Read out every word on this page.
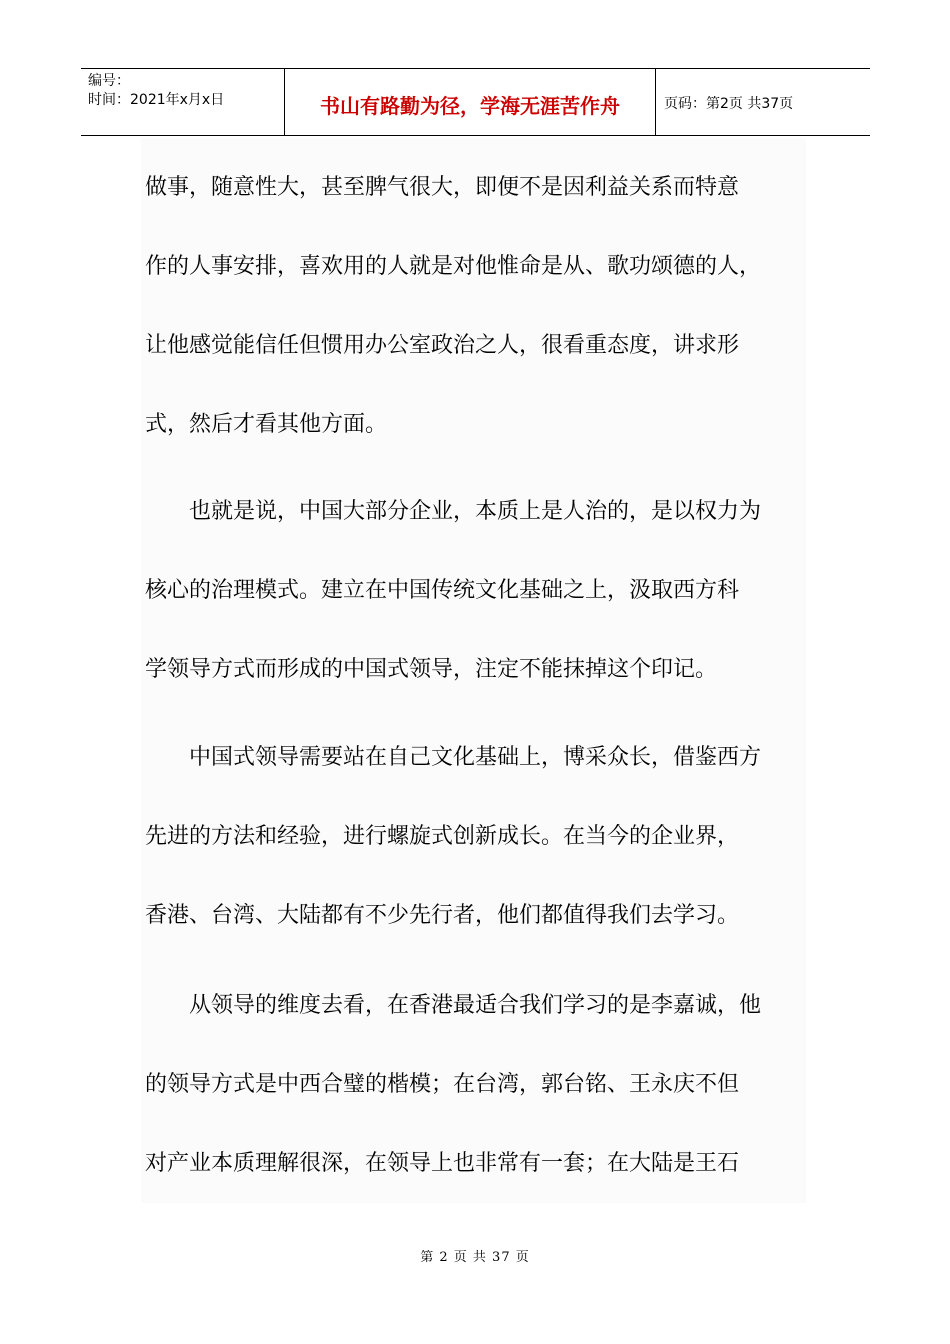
编号：
时间：2021年x月x日	书山有路勤为径，学海无涯苦作舟	页码：第2页 共37页
做事，随意性大，甚至脾气很大，即便不是因利益关系而特意
作的人事安排，喜欢用的人就是对他惟命是从、歌功颂德的人，
让他感觉能信任但惯用办公室政治之人，很看重态度，讲求形
式，然后才看其他方面。
　　也就是说，中国大部分企业，本质上是人治的，是以权力为
核心的治理模式。建立在中国传统文化基础之上，汲取西方科
学领导方式而形成的中国式领导，注定不能抹掉这个印记。
　　中国式领导需要站在自己文化基础上，博采众长，借鉴西方
先进的方法和经验，进行螺旋式创新成长。在当今的企业界，
香港、台湾、大陆都有不少先行者，他们都值得我们去学习。
　　从领导的维度去看，在香港最适合我们学习的是李嘉诚，他
的领导方式是中西合璧的楷模；在台湾，郭台铭、王永庆不但
对产业本质理解很深，在领导上也非常有一套；在大陆是王石
第 2 页 共 37 页
